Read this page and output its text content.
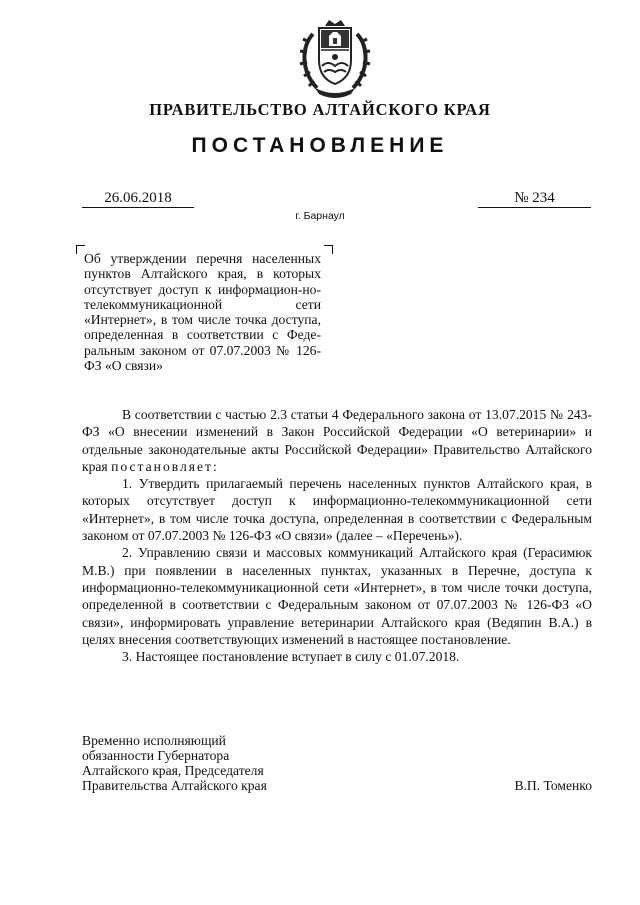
ПРАВИТЕЛЬСТВО АЛТАЙСКОГО КРАЯ
ПОСТАНОВЛЕНИЕ
26.06.2018	№ 234
г. Барнаул
Об утверждении перечня населенных пунктов Алтайского края, в которых отсутствует доступ к информацион-но-телекоммуникационной сети «Интернет», в том числе точка доступа, определенная в соответствии с Феде-ральным законом от 07.07.2003 № 126-ФЗ «О связи»

В соответствии с частью 2.3 статьи 4 Федерального закона от 13.07.2015 № 243-ФЗ «О внесении изменений в Закон Российской Федерации «О ветеринарии» и отдельные законодательные акты Российской Федерации» Правительство Алтайского края постановляет:

1. Утвердить прилагаемый перечень населенных пунктов Алтайского края, в которых отсутствует доступ к информационно-телекоммуникационной сети «Интернет», в том числе точка доступа, определенная в соответствии с Федеральным законом от 07.07.2003 № 126-ФЗ «О связи» (далее – «Перечень»).

2. Управлению связи и массовых коммуникаций Алтайского края (Герасимюк М.В.) при появлении в населенных пунктах, указанных в Перечне, доступа к информационно-телекоммуникационной сети «Интернет», в том числе точки доступа, определенной в соответствии с Федеральным законом от 07.07.2003 № 126-ФЗ «О связи», информировать управление ветеринарии Алтайского края (Ведяпин В.А.) в целях внесения соответствующих изменений в настоящее постановление.

3. Настоящее постановление вступает в силу с 01.07.2018.

Временно исполняющий
обязанности Губернатора
Алтайского края, Председателя
Правительства Алтайского края	В.П. Томенко
